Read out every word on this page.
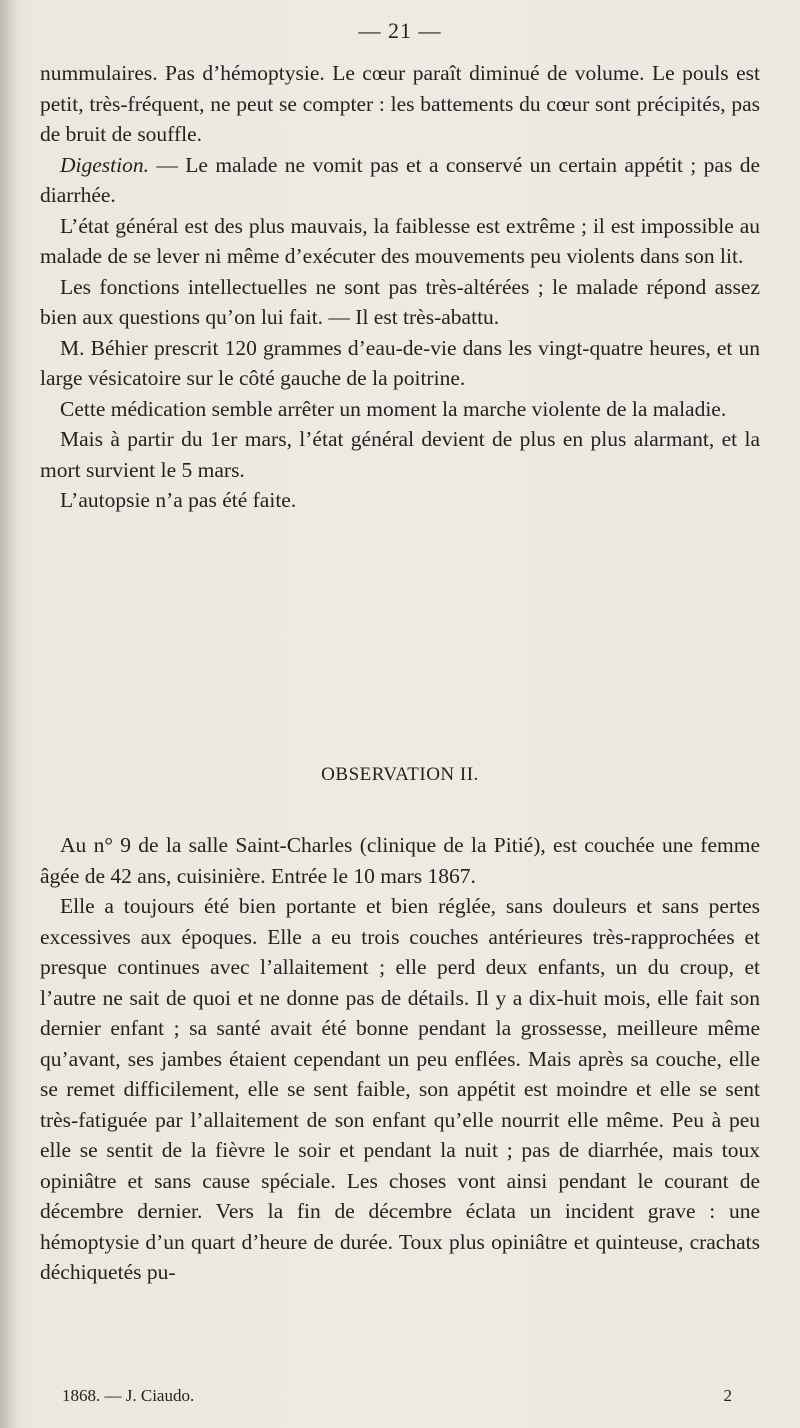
— 21 —

nummulaires. Pas d’hémoptysie. Le cœur paraît diminué de volume. Le pouls est petit, très-fréquent, ne peut se compter : les battements du cœur sont précipités, pas de bruit de souffle.

Digestion. — Le malade ne vomit pas et a conservé un certain appétit ; pas de diarrhée.

L’état général est des plus mauvais, la faiblesse est extrême ; il est impossible au malade de se lever ni même d’exécuter des mouvements peu violents dans son lit.

Les fonctions intellectuelles ne sont pas très-altérées ; le malade répond assez bien aux questions qu’on lui fait. — Il est très-abattu.

M. Béhier prescrit 120 grammes d’eau-de-vie dans les vingt-quatre heures, et un large vésicatoire sur le côté gauche de la poitrine.

Cette médication semble arrêter un moment la marche violente de la maladie.

Mais à partir du 1er mars, l’état général devient de plus en plus alarmant, et la mort survient le 5 mars.

L’autopsie n’a pas été faite.

OBSERVATION II.

Au n° 9 de la salle Saint-Charles (clinique de la Pitié), est couchée une femme âgée de 42 ans, cuisinière. Entrée le 10 mars 1867.

Elle a toujours été bien portante et bien réglée, sans douleurs et sans pertes excessives aux époques. Elle a eu trois couches antérieures très-rapprochées et presque continues avec l’allaitement ; elle perd deux enfants, un du croup, et l’autre ne sait de quoi et ne donne pas de détails. Il y a dix-huit mois, elle fait son dernier enfant ; sa santé avait été bonne pendant la grossesse, meilleure même qu’avant, ses jambes étaient cependant un peu enflées. Mais après sa couche, elle se remet difficilement, elle se sent faible, son appétit est moindre et elle se sent très-fatiguée par l’allaitement de son enfant qu’elle nourrit elle même. Peu à peu elle se sentit de la fièvre le soir et pendant la nuit ; pas de diarrhée, mais toux opiniâtre et sans cause spéciale. Les choses vont ainsi pendant le courant de décembre dernier. Vers la fin de décembre éclata un incident grave : une hémoptysie d’un quart d’heure de durée. Toux plus opiniâtre et quinteuse, crachats déchiquetés pu-

1868. — J. Ciaudo.	2
